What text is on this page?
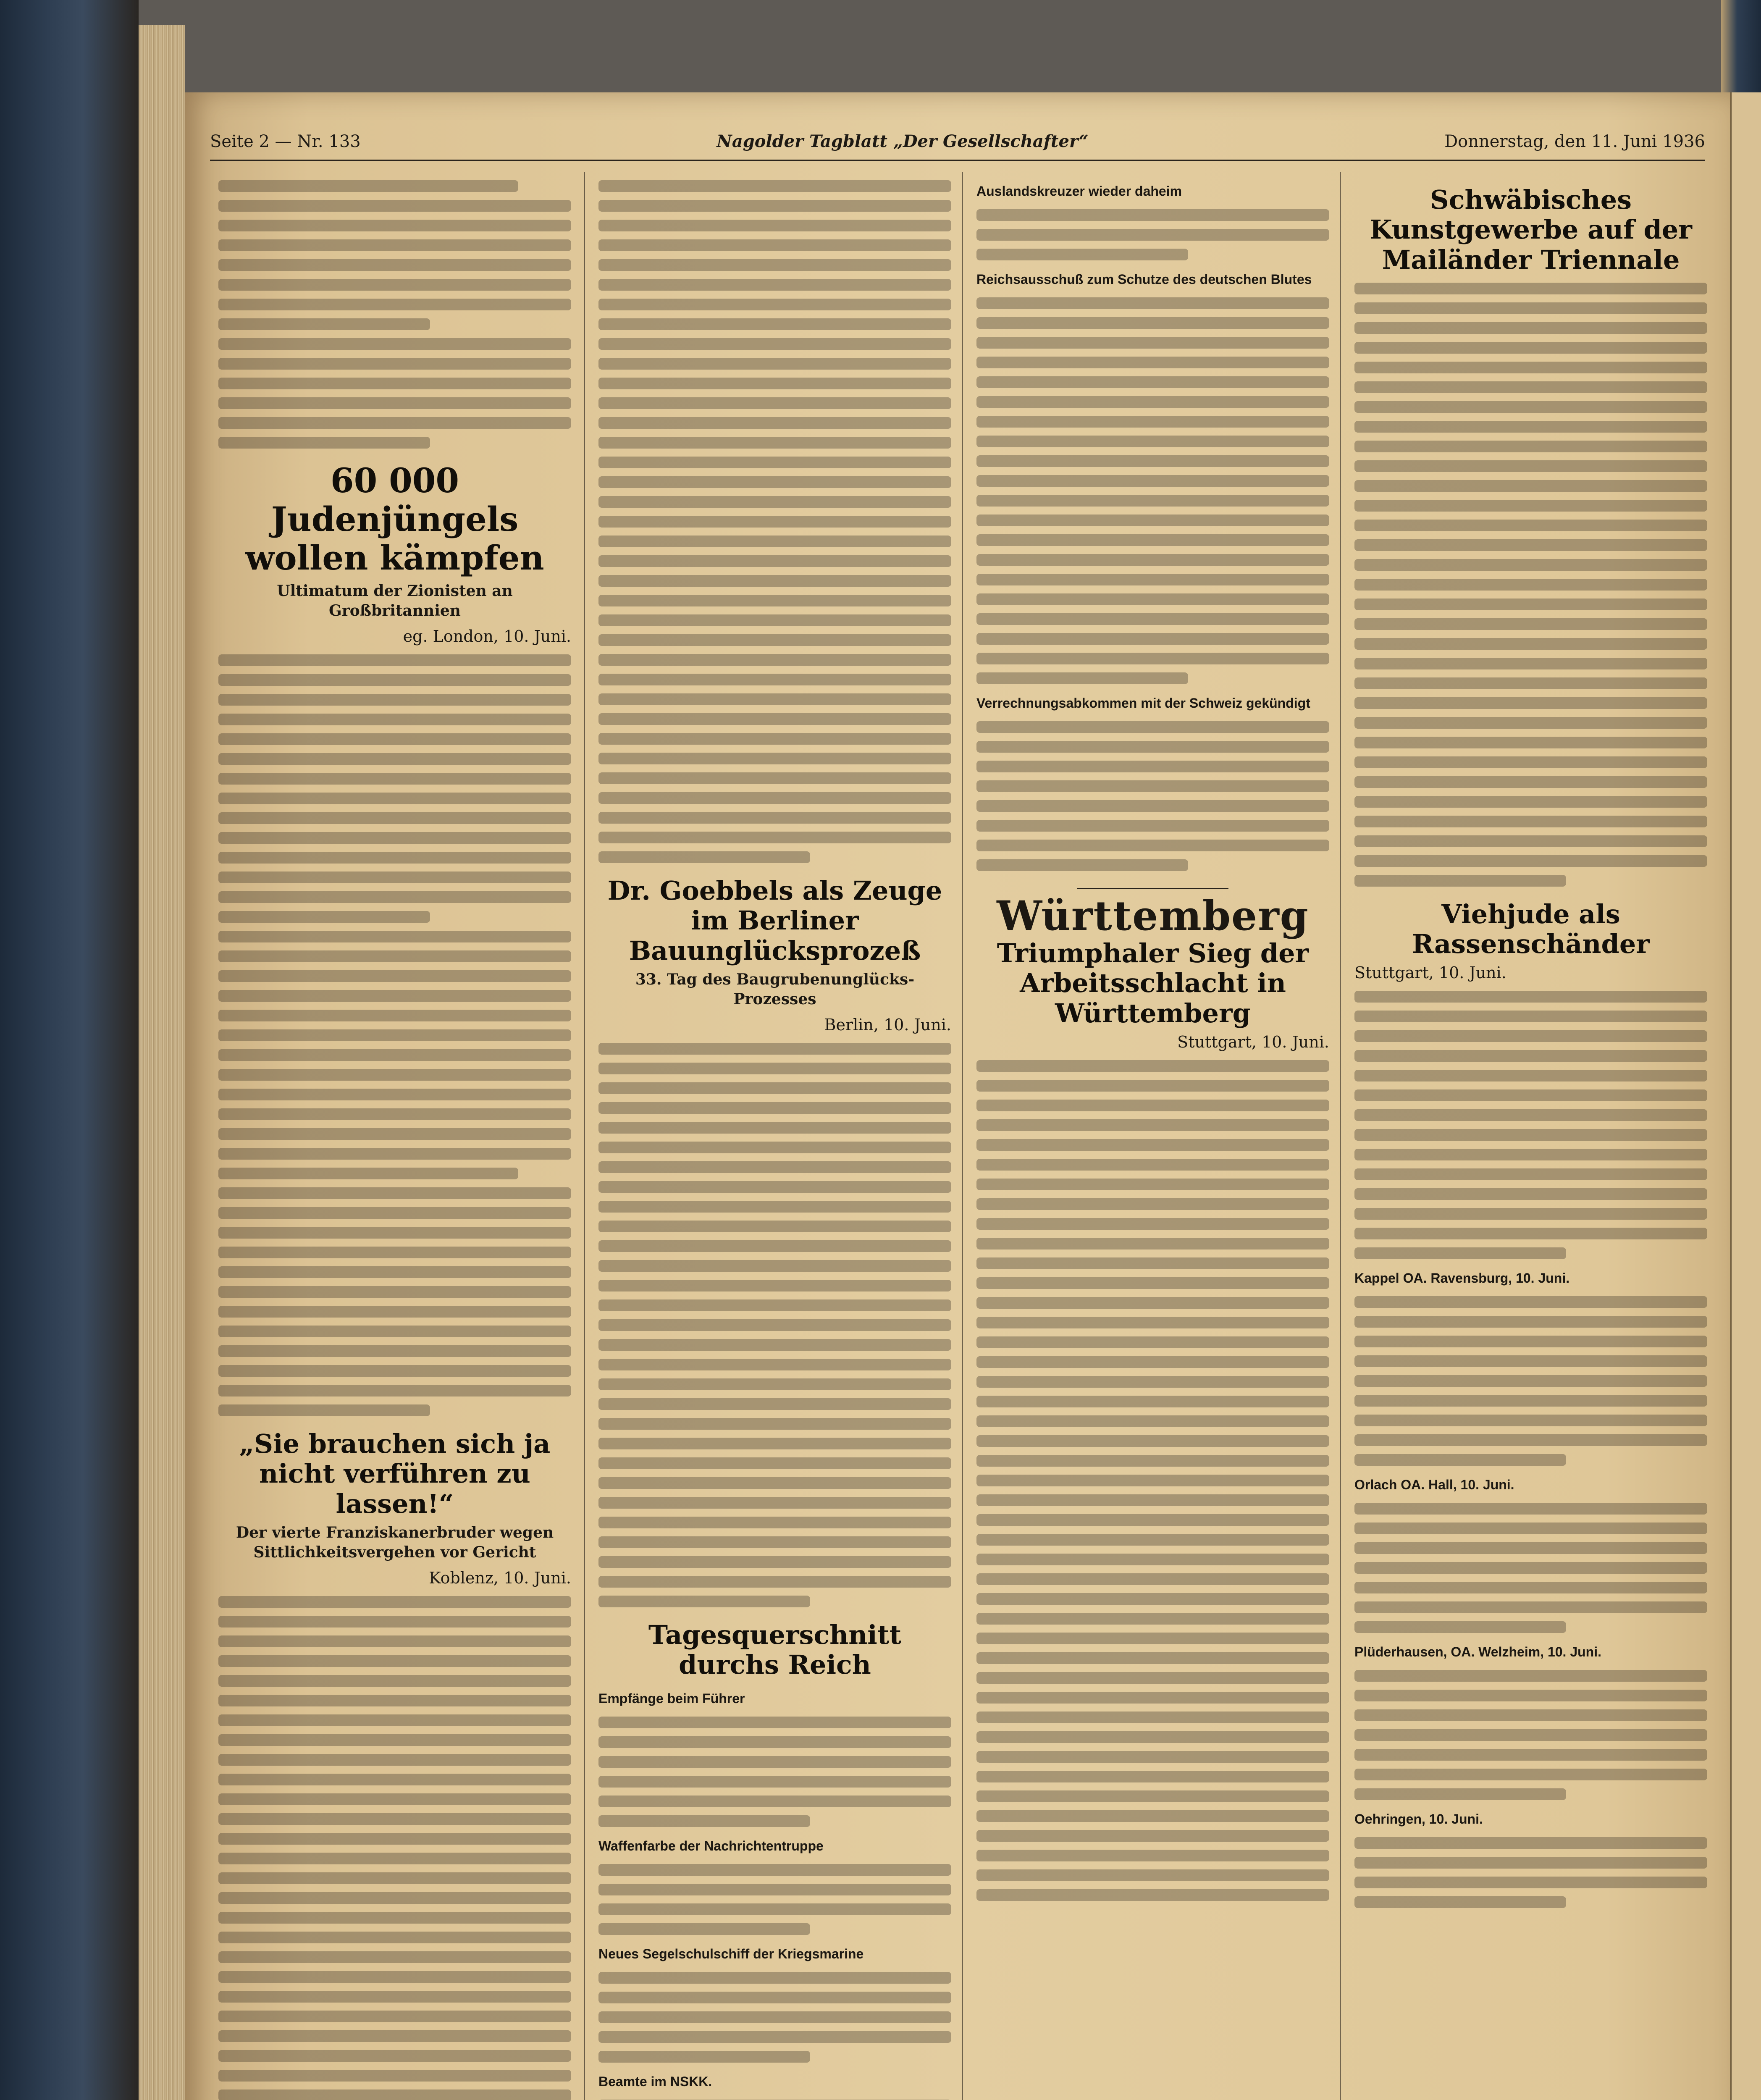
Seite 2 — Nr. 133	Nagolder Tagblatt „Der Gesellschafter“	Donnerstag, den 11. Juni 1936
60 000 Judenjüngels wollen kämpfen
Ultimatum der Zionisten an Großbritannien
eg. London, 10. Juni.
„Sie brauchen sich ja nicht verführen zu lassen!“
Der vierte Franziskanerbruder wegen Sittlichkeitsvergehen vor Gericht
Koblenz, 10. Juni.
Dr. Goebbels als Zeuge im Berliner Bauunglücksprozeß
33. Tag des Baugrubenunglücks-Prozesses
Berlin, 10. Juni.
Tagesquerschnitt durchs Reich
Empfänge beim Führer
Waffenfarbe der Nachrichtentruppe
Neues Segelschulschiff der Kriegsmarine
Beamte im NSKK.
Auslandskreuzer wieder daheim
Reichsausschuß zum Schutze des deutschen Blutes
Verrechnungsabkommen mit der Schweiz gekündigt
Württemberg
Triumphaler Sieg der Arbeitsschlacht in Württemberg
Stuttgart, 10. Juni.
Schwäbisches Kunstgewerbe auf der Mailänder Triennale
Viehjude als Rassenschänder
Stuttgart, 10. Juni.
Kappel OA. Ravensburg, 10. Juni.
Orlach OA. Hall, 10. Juni.
Plüderhausen, OA. Welzheim, 10. Juni.
Oehringen, 10. Juni.
